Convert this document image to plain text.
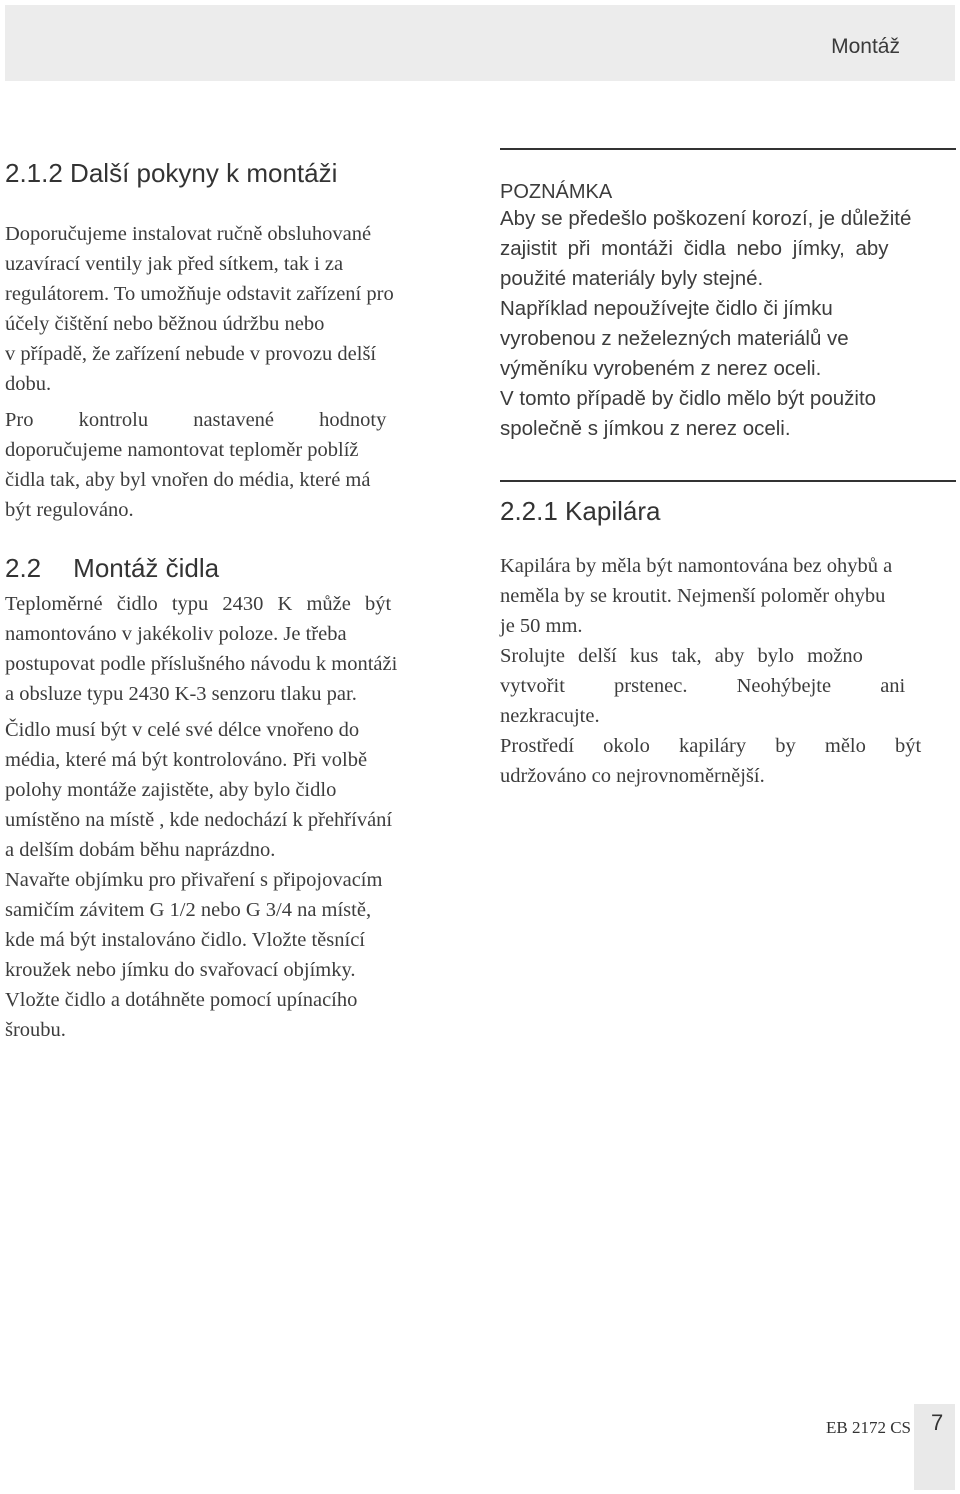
Montáž
2.1.2 Další pokyny k montáži
Doporučujeme instalovat ručně obsluhované
uzavírací ventily jak před sítkem, tak i za
regulátorem. To umožňuje odstavit zařízení pro
účely čištění nebo běžnou údržbu nebo
v případě, že zařízení nebude v provozu delší
dobu.
Pro kontrolu nastavené hodnoty
doporučujeme namontovat teploměr poblíž
čidla tak, aby byl vnořen do média, které má
být regulováno.
2.2 Montáž čidla
Teploměrné čidlo typu 2430 K může být
namontováno v jakékoliv poloze. Je třeba
postupovat podle příslušného návodu k montáži
a obsluze typu 2430 K-3 senzoru tlaku par.
Čidlo musí být v celé své délce vnořeno do
média, které má být kontrolováno. Při volbě
polohy montáže zajistěte, aby bylo čidlo
umístěno na místě , kde nedochází k přehřívání
a delším dobám běhu naprázdno.
Navařte objímku pro přivaření s připojovacím
samičím závitem G 1/2 nebo G 3/4 na místě,
kde má být instalováno čidlo. Vložte těsnící
kroužek nebo jímku do svařovací objímky.
Vložte čidlo a dotáhněte pomocí upínacího
šroubu.
POZNÁMKA
Aby se předešlo poškození korozí, je důležité
zajistit při montáži čidla nebo jímky, aby
použité materiály byly stejné.
Například nepoužívejte čidlo či jímku
vyrobenou z neželezných materiálů ve
výměníku vyrobeném z nerez oceli.
V tomto případě by čidlo mělo být použito
společně s jímkou z nerez oceli.
2.2.1 Kapilára
Kapilára by měla být namontována bez ohybů a
neměla by se kroutit. Nejmenší poloměr ohybu
je 50 mm.
Srolujte delší kus tak, aby bylo možno
vytvořit prstenec. Neohýbejte ani
nezkracujte.
Prostředí okolo kapiláry by mělo být
udržováno co nejrovnoměrnější.
EB 2172 CS 7
